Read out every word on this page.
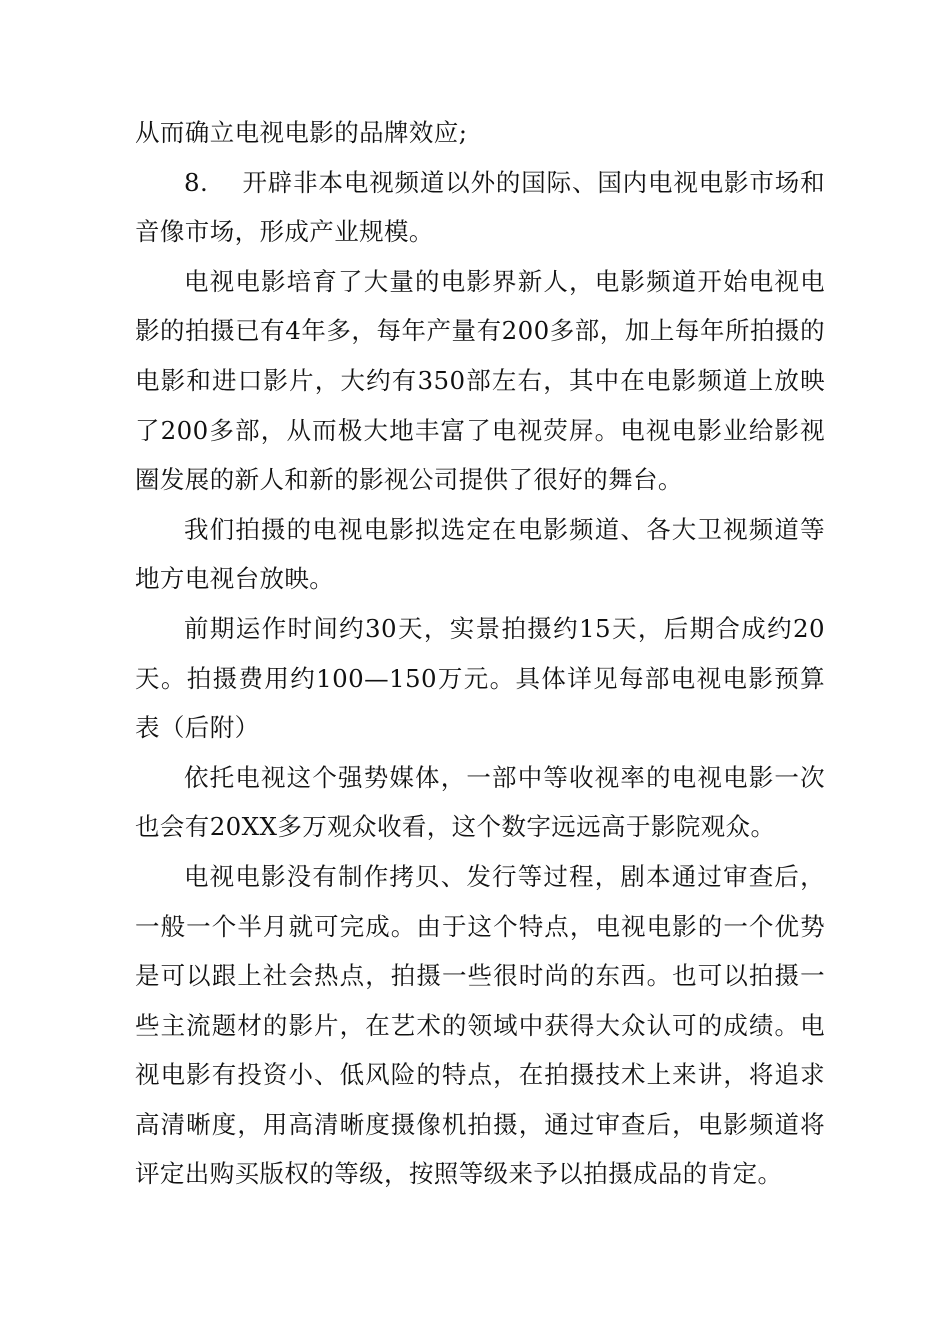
从而确立电视电影的品牌效应;

8. 开辟非本电视频道以外的国际、国内电视电影市场和音像市场，形成产业规模。

电视电影培育了大量的电影界新人，电影频道开始电视电影的拍摄已有4年多，每年产量有200多部，加上每年所拍摄的电影和进口影片，大约有350部左右，其中在电影频道上放映了200多部，从而极大地丰富了电视荧屏。电视电影业给影视圈发展的新人和新的影视公司提供了很好的舞台。

我们拍摄的电视电影拟选定在电影频道、各大卫视频道等地方电视台放映。

前期运作时间约30天，实景拍摄约15天，后期合成约20天。拍摄费用约100—150万元。具体详见每部电视电影预算表（后附）

依托电视这个强势媒体，一部中等收视率的电视电影一次也会有20XX多万观众收看，这个数字远远高于影院观众。

电视电影没有制作拷贝、发行等过程，剧本通过审查后，一般一个半月就可完成。由于这个特点，电视电影的一个优势是可以跟上社会热点，拍摄一些很时尚的东西。也可以拍摄一些主流题材的影片，在艺术的领域中获得大众认可的成绩。电视电影有投资小、低风险的特点，在拍摄技术上来讲，将追求高清晰度，用高清晰度摄像机拍摄，通过审查后，电影频道将评定出购买版权的等级，按照等级来予以拍摄成品的肯定。
